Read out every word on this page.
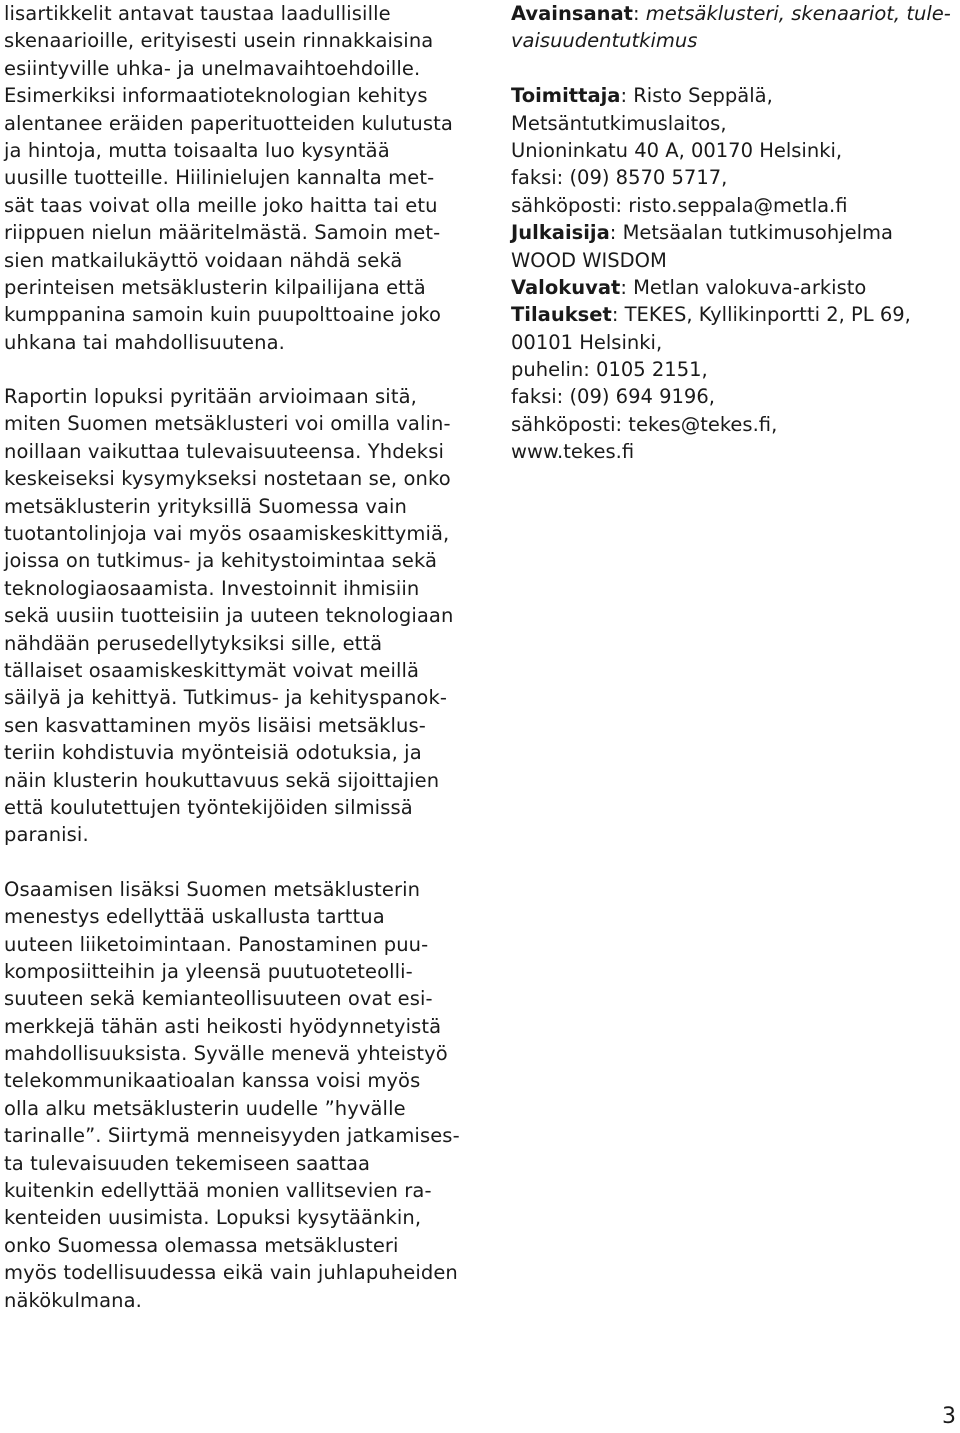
lisartikkelit antavat taustaa laadullisille
skenaarioille, erityisesti usein rinnakkaisina
esiintyville uhka- ja unelmavaihtoehdoille.
Esimerkiksi informaatioteknologian kehitys
alentanee eräiden paperituotteiden kulutusta
ja hintoja, mutta toisaalta luo kysyntää
uusille tuotteille. Hiilinielujen kannalta met-
sät taas voivat olla meille joko haitta tai etu
riippuen nielun määritelmästä. Samoin met-
sien matkailukäyttö voidaan nähdä sekä
perinteisen metsäklusterin kilpailijana että
kumppanina samoin kuin puupolttoaine joko
uhkana tai mahdollisuutena.

Raportin lopuksi pyritään arvioimaan sitä,
miten Suomen metsäklusteri voi omilla valin-
noillaan vaikuttaa tulevaisuuteensa. Yhdeksi
keskeiseksi kysymykseksi nostetaan se, onko
metsäklusterin yrityksillä Suomessa vain
tuotantolinjoja vai myös osaamiskeskittymiä,
joissa on tutkimus- ja kehitystoimintaa sekä
teknologiaosaamista. Investoinnit ihmisiin
sekä uusiin tuotteisiin ja uuteen teknologiaan
nähdään perusedellytyksiksi sille, että
tällaiset osaamiskeskittymät voivat meillä
säilyä ja kehittyä. Tutkimus- ja kehityspanok-
sen kasvattaminen myös lisäisi metsäklus-
teriin kohdistuvia myönteisiä odotuksia, ja
näin klusterin houkuttavuus sekä sijoittajien
että koulutettujen työntekijöiden silmissä
paranisi.

Osaamisen lisäksi Suomen metsäklusterin
menestys edellyttää uskallusta tarttua
uuteen liiketoimintaan. Panostaminen puu-
komposiitteihin ja yleensä puutuoteteolli-
suuteen sekä kemianteollisuuteen ovat esi-
merkkejä tähän asti heikosti hyödynnetyistä
mahdollisuuksista. Syvälle menevä yhteistyö
telekommunikaatioalan kanssa voisi myös
olla alku metsäklusterin uudelle ”hyvälle
tarinalle”. Siirtymä menneisyyden jatkamises-
ta tulevaisuuden tekemiseen saattaa
kuitenkin edellyttää monien vallitsevien ra-
kenteiden uusimista. Lopuksi kysytäänkin,
onko Suomessa olemassa metsäklusteri
myös todellisuudessa eikä vain juhlapuheiden
näkökulmana.

Avainsanat: metsäklusteri, skenaariot, tule-
vaisuudentutkimus
Toimittaja: Risto Seppälä,
Metsäntutkimuslaitos,
Unioninkatu 40 A, 00170 Helsinki,
faksi: (09) 8570 5717,
sähköposti: risto.seppala@metla.fi
Julkaisija: Metsäalan tutkimusohjelma
WOOD WISDOM
Valokuvat: Metlan valokuva-arkisto
Tilaukset: TEKES, Kyllikinportti 2, PL 69,
00101 Helsinki,
puhelin: 0105 2151,
faksi: (09) 694 9196,
sähköposti: tekes@tekes.fi,
www.tekes.fi
3
